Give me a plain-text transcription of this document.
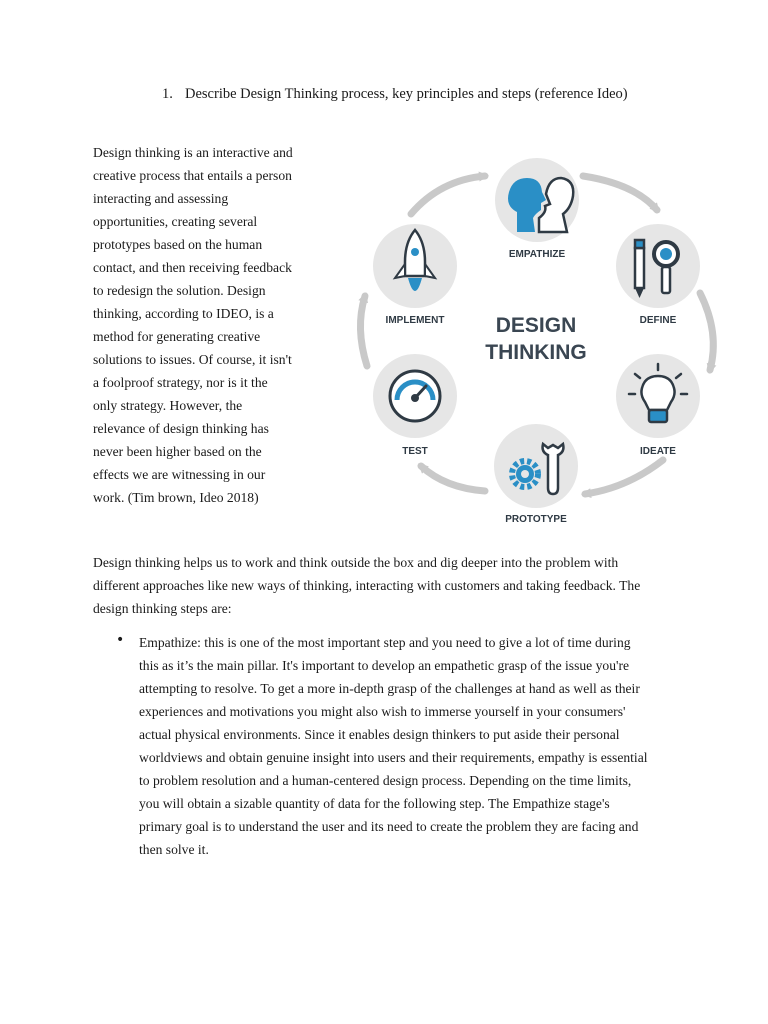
1. Describe Design Thinking process, key principles and steps (reference Ideo)

Design thinking is an interactive and
creative process that entails a person
interacting and assessing
opportunities, creating several
prototypes based on the human
contact, and then receiving feedback
to redesign the solution. Design
thinking, according to IDEO, is a
method for generating creative
solutions to issues. Of course, it isn't
a foolproof strategy, nor is it the
only strategy. However, the
relevance of design thinking has
never been higher based on the
effects we are witnessing in our
work. (Tim brown, Ideo 2018)

EMPATHIZE
DEFINE
IDEATE
PROTOTYPE
TEST
IMPLEMENT DESIGN
THINKING

Design thinking helps us to work and think outside the box and dig deeper into the problem with
different approaches like new ways of thinking, interacting with customers and taking feedback. The
design thinking steps are:

• Empathize: this is one of the most important step and you need to give a lot of time during
this as it’s the main pillar. It's important to develop an empathetic grasp of the issue you're
attempting to resolve. To get a more in-depth grasp of the challenges at hand as well as their
experiences and motivations you might also wish to immerse yourself in your consumers'
actual physical environments. Since it enables design thinkers to put aside their personal
worldviews and obtain genuine insight into users and their requirements, empathy is essential
to problem resolution and a human-centered design process. Depending on the time limits,
you will obtain a sizable quantity of data for the following step. The Empathize stage's
primary goal is to understand the user and its need to create the problem they are facing and
then solve it.
